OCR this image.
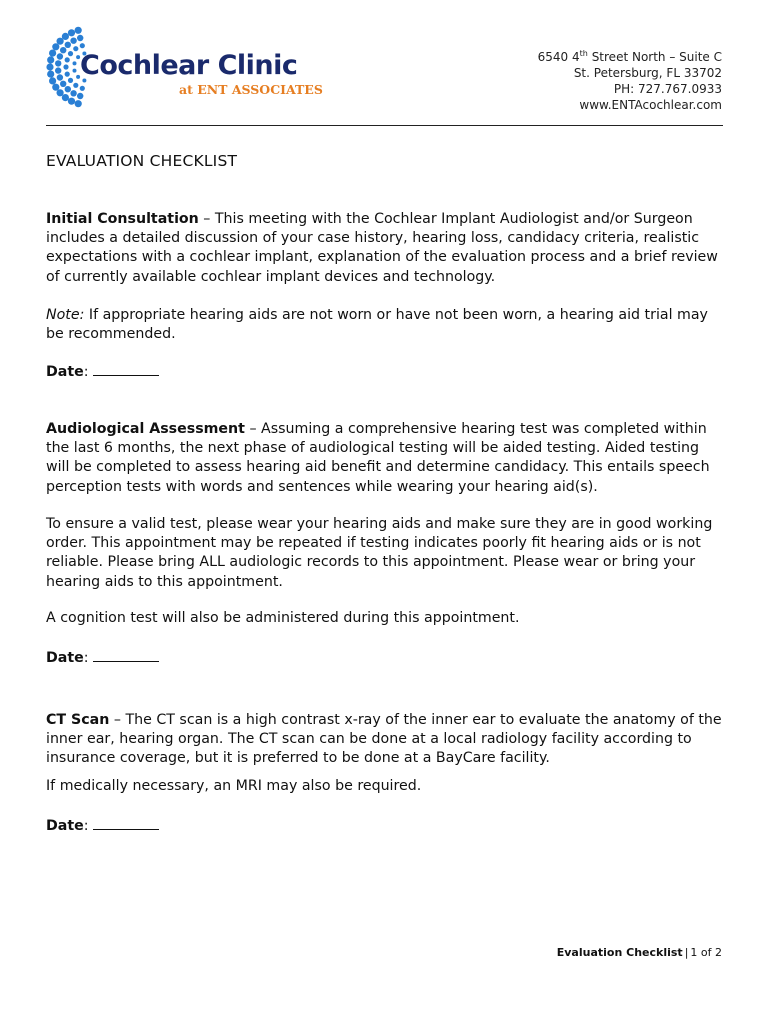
Cochlear Clinic
at ENT ASSOCIATES
6540 4th Street North – Suite C
St. Petersburg, FL 33702
PH: 727.767.0933
www.ENTAcochlear.com
EVALUATION CHECKLIST

Initial Consultation – This meeting with the Cochlear Implant Audiologist and/or Surgeon includes a detailed discussion of your case history, hearing loss, candidacy criteria, realistic expectations with a cochlear implant, explanation of the evaluation process and a brief review of currently available cochlear implant devices and technology.

Note: If appropriate hearing aids are not worn or have not been worn, a hearing aid trial may be recommended.

Date:

Audiological Assessment – Assuming a comprehensive hearing test was completed within the last 6 months, the next phase of audiological testing will be aided testing. Aided testing will be completed to assess hearing aid benefit and determine candidacy. This entails speech perception tests with words and sentences while wearing your hearing aid(s).

To ensure a valid test, please wear your hearing aids and make sure they are in good working order. This appointment may be repeated if testing indicates poorly fit hearing aids or is not reliable. Please bring ALL audiologic records to this appointment. Please wear or bring your hearing aids to this appointment.

A cognition test will also be administered during this appointment.

Date:

CT Scan – The CT scan is a high contrast x-ray of the inner ear to evaluate the anatomy of the inner ear, hearing organ. The CT scan can be done at a local radiology facility according to insurance coverage, but it is preferred to be done at a BayCare facility.

If medically necessary, an MRI may also be required.

Date:

Evaluation Checklist | 1 of 2
